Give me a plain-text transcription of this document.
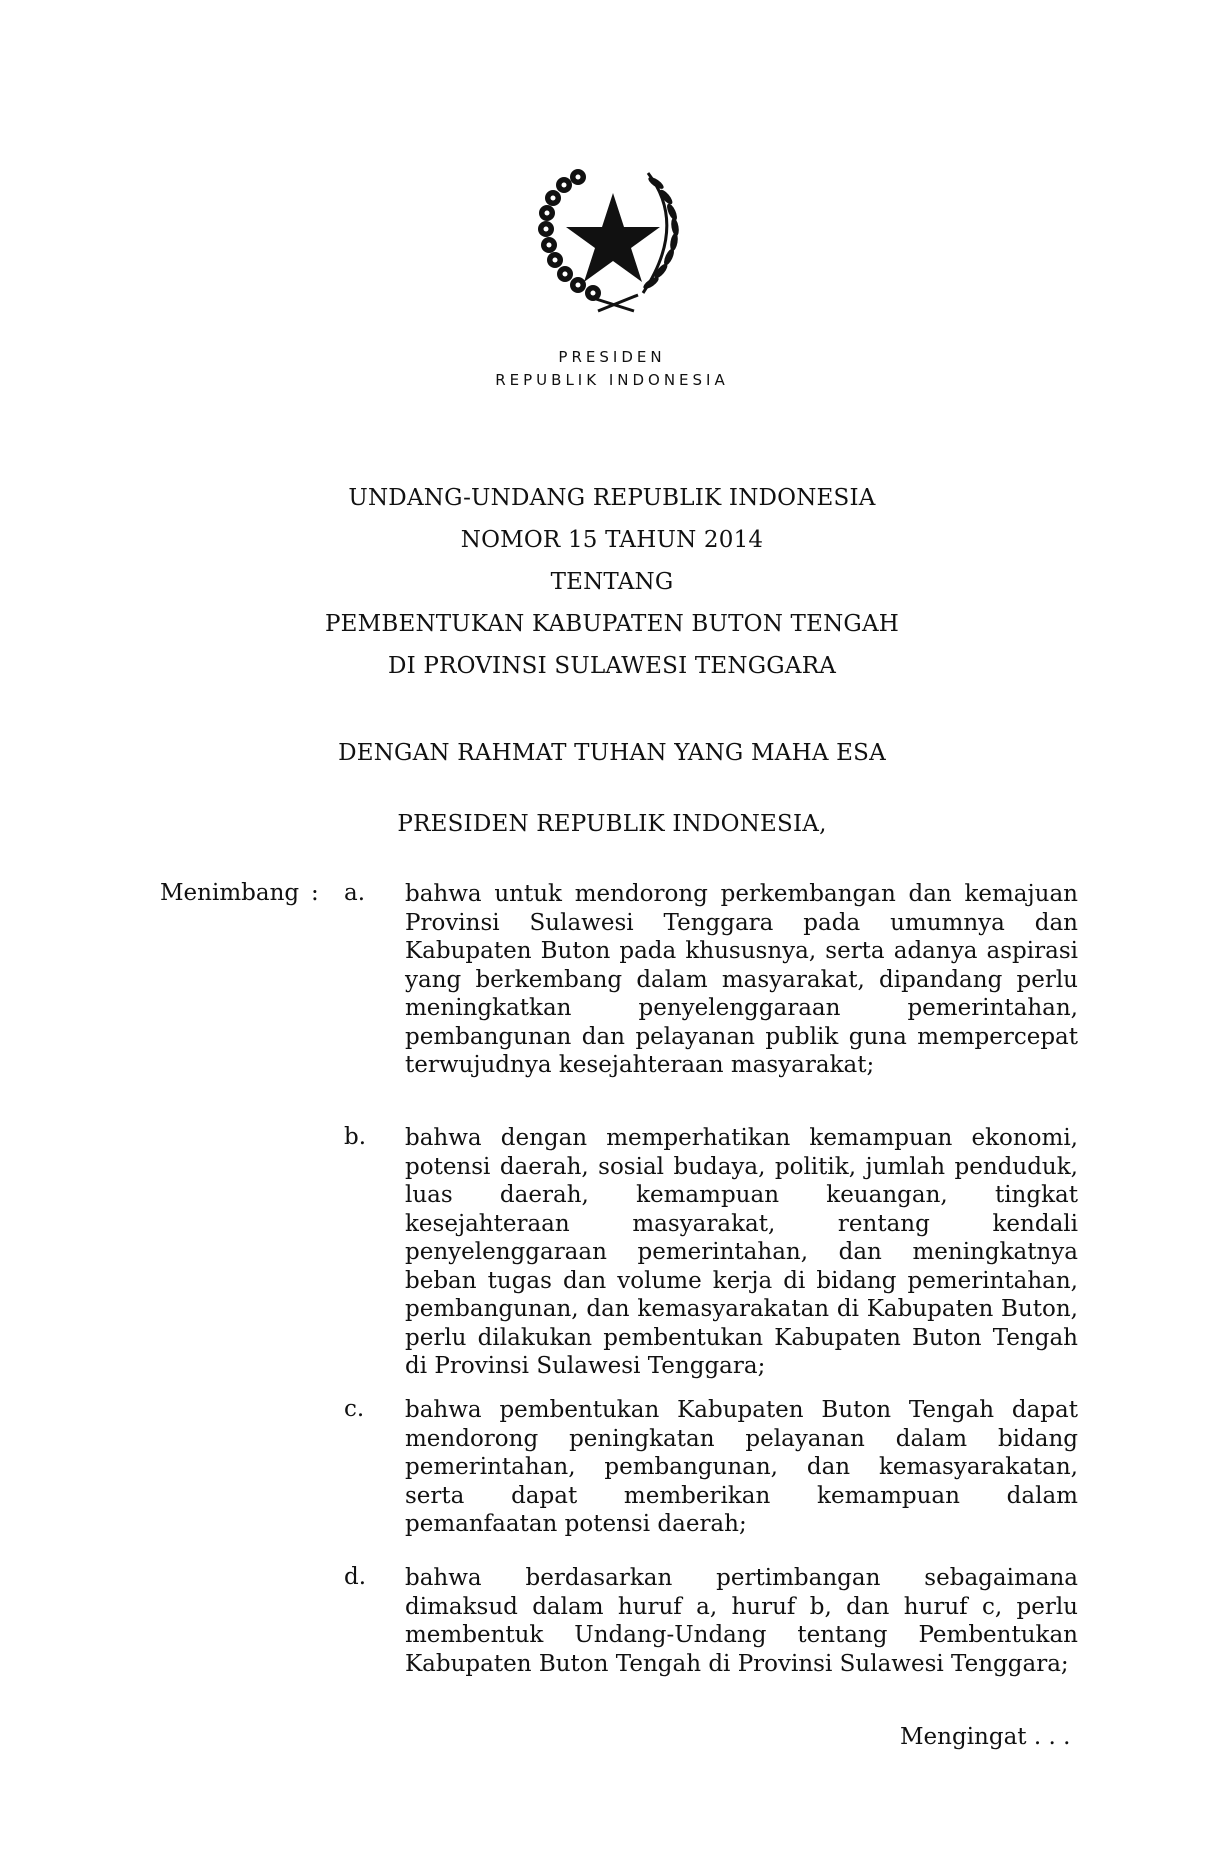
PRESIDEN
REPUBLIK INDONESIA
UNDANG-UNDANG REPUBLIK INDONESIA
NOMOR 15 TAHUN 2014
TENTANG
PEMBENTUKAN KABUPATEN BUTON TENGAH
DI PROVINSI SULAWESI TENGGARA
DENGAN RAHMAT TUHAN YANG MAHA ESA
PRESIDEN REPUBLIK INDONESIA,
Menimbang : a. bahwa untuk mendorong perkembangan dan kemajuan Provinsi Sulawesi Tenggara pada umumnya dan Kabupaten Buton pada khususnya, serta adanya aspirasi yang berkembang dalam masyarakat, dipandang perlu meningkatkan penyelenggaraan pemerintahan, pembangunan dan pelayanan publik guna mempercepat terwujudnya kesejahteraan masyarakat;
b. bahwa dengan memperhatikan kemampuan ekonomi, potensi daerah, sosial budaya, politik, jumlah penduduk, luas daerah, kemampuan keuangan, tingkat kesejahteraan masyarakat, rentang kendali penyelenggaraan pemerintahan, dan meningkatnya beban tugas dan volume kerja di bidang pemerintahan, pembangunan, dan kemasyarakatan di Kabupaten Buton, perlu dilakukan pembentukan Kabupaten Buton Tengah di Provinsi Sulawesi Tenggara;
c. bahwa pembentukan Kabupaten Buton Tengah dapat mendorong peningkatan pelayanan dalam bidang pemerintahan, pembangunan, dan kemasyarakatan, serta dapat memberikan kemampuan dalam pemanfaatan potensi daerah;
d. bahwa berdasarkan pertimbangan sebagaimana dimaksud dalam huruf a, huruf b, dan huruf c, perlu membentuk Undang-Undang tentang Pembentukan Kabupaten Buton Tengah di Provinsi Sulawesi Tenggara;
Mengingat . . .
